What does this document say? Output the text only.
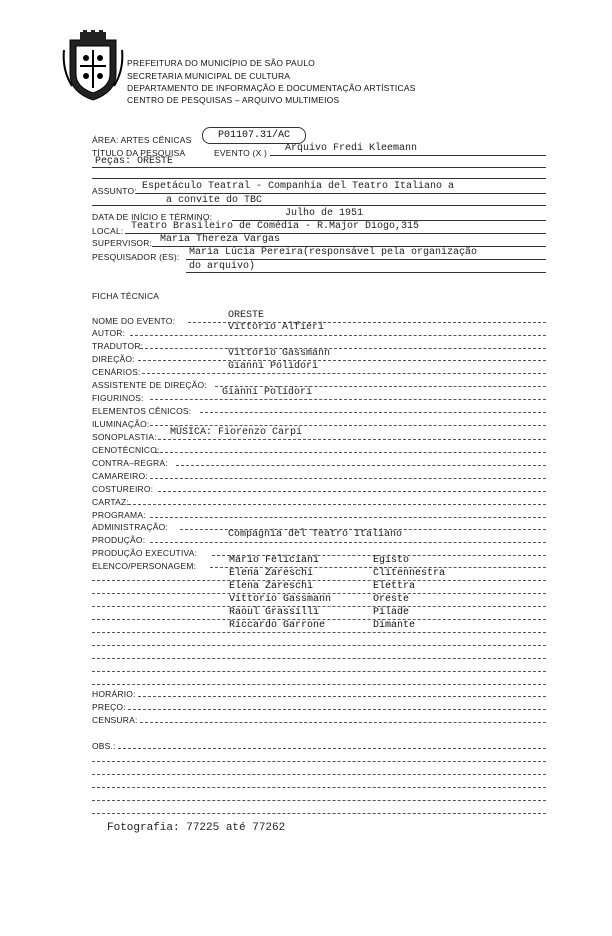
PREFEITURA DO MUNICÍPIO DE SÃO PAULO
SECRETARIA MUNICIPAL DE CULTURA
DEPARTAMENTO DE INFORMAÇÃO E DOCUMENTAÇÃO ARTÍSTICAS
CENTRO DE PESQUISAS – ARQUIVO MULTIMEIOS
ÁREA: ARTES CÊNICAS	P01107.31/AC
TÍTULO DA PESQUISA	EVENTO (X ) Arquivo Fredi Kleemann
Peças: ORESTE
ASSUNTO: Espetáculo Teatral - Companhia del Teatro Italiano a
a convite do TBC
DATA DE INÍCIO E TÉRMINO:	Julho de 1951
LOCAL: Teatro Brasileiro de Comédia - R.Major Diogo,315
SUPERVISOR: Maria Thereza Vargas
PESQUISADOR (ES): Maria Lúcia Pereira(responsável pela organização
do arquivo)
FICHA TÉCNICA
NOME DO EVENTO:	ORESTE
AUTOR:	Vittorio Alfieri
TRADUTOR:
DIREÇÃO:	Vittorio Gassmann
CENÁRIOS:	Gianni Polidori
ASSISTENTE DE DIREÇÃO:
FIGURINOS:	Gianni Polidori
ELEMENTOS CÊNICOS:
ILUMINAÇÃO:
SONOPLASTIA: MÚSICA: Fiorenzo Carpi
CENOTÉCNICO:
CONTRA–REGRA:
CAMAREIRO:
COSTUREIRO:
CARTAZ:
PROGRAMA:
ADMINISTRAÇÃO:
PRODUÇÃO:	Compagnia del Teatro Italiano
PRODUÇÃO EXECUTIVA:
ELENCO/PERSONAGEM:	Mario Feliciani	Egisto
Elena Zareschi	Clitennestra
Elena Zareschi	Elettra
Vittorio Gassmann	Oreste
Raoul Grassilli	Pilade
Riccardo Garrone	Dimante
HORÁRIO:
PREÇO:
CENSURA:
OBS.:
Fotografia: 77225 até 77262
